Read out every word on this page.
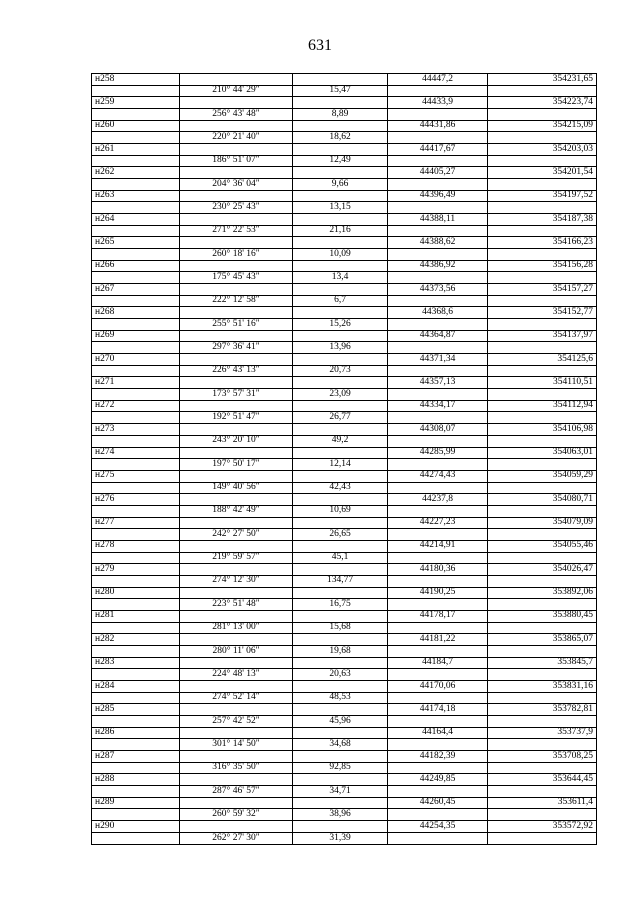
631
н258			44447,2	354231,65
	210° 44' 29"	15,47		
н259			44433,9	354223,74
	256° 43' 48"	8,89		
н260			44431,86	354215,09
	220° 21' 40"	18,62		
н261			44417,67	354203,03
	186° 51' 07"	12,49		
н262			44405,27	354201,54
	204° 36' 04"	9,66		
н263			44396,49	354197,52
	230° 25' 43"	13,15		
н264			44388,11	354187,38
	271° 22' 53"	21,16		
н265			44388,62	354166,23
	260° 18' 16"	10,09		
н266			44386,92	354156,28
	175° 45' 43"	13,4		
н267			44373,56	354157,27
	222° 12' 58"	6,7		
н268			44368,6	354152,77
	255° 51' 16"	15,26		
н269			44364,87	354137,97
	297° 36' 41"	13,96		
н270			44371,34	354125,6
	226° 43' 13"	20,73		
н271			44357,13	354110,51
	173° 57' 31"	23,09		
н272			44334,17	354112,94
	192° 51' 47"	26,77		
н273			44308,07	354106,98
	243° 20' 10"	49,2		
н274			44285,99	354063,01
	197° 50' 17"	12,14		
н275			44274,43	354059,29
	149° 40' 56"	42,43		
н276			44237,8	354080,71
	188° 42' 49"	10,69		
н277			44227,23	354079,09
	242° 27' 50"	26,65		
н278			44214,91	354055,46
	219° 59' 57"	45,1		
н279			44180,36	354026,47
	274° 12' 30"	134,77		
н280			44190,25	353892,06
	223° 51' 48"	16,75		
н281			44178,17	353880,45
	281° 13' 00"	15,68		
н282			44181,22	353865,07
	280° 11' 06"	19,68		
н283			44184,7	353845,7
	224° 48' 13"	20,63		
н284			44170,06	353831,16
	274° 52' 14"	48,53		
н285			44174,18	353782,81
	257° 42' 52"	45,96		
н286			44164,4	353737,9
	301° 14' 50"	34,68		
н287			44182,39	353708,25
	316° 35' 50"	92,85		
н288			44249,85	353644,45
	287° 46' 57"	34,71		
н289			44260,45	353611,4
	260° 59' 32"	38,96		
н290			44254,35	353572,92
	262° 27' 30"	31,39		
